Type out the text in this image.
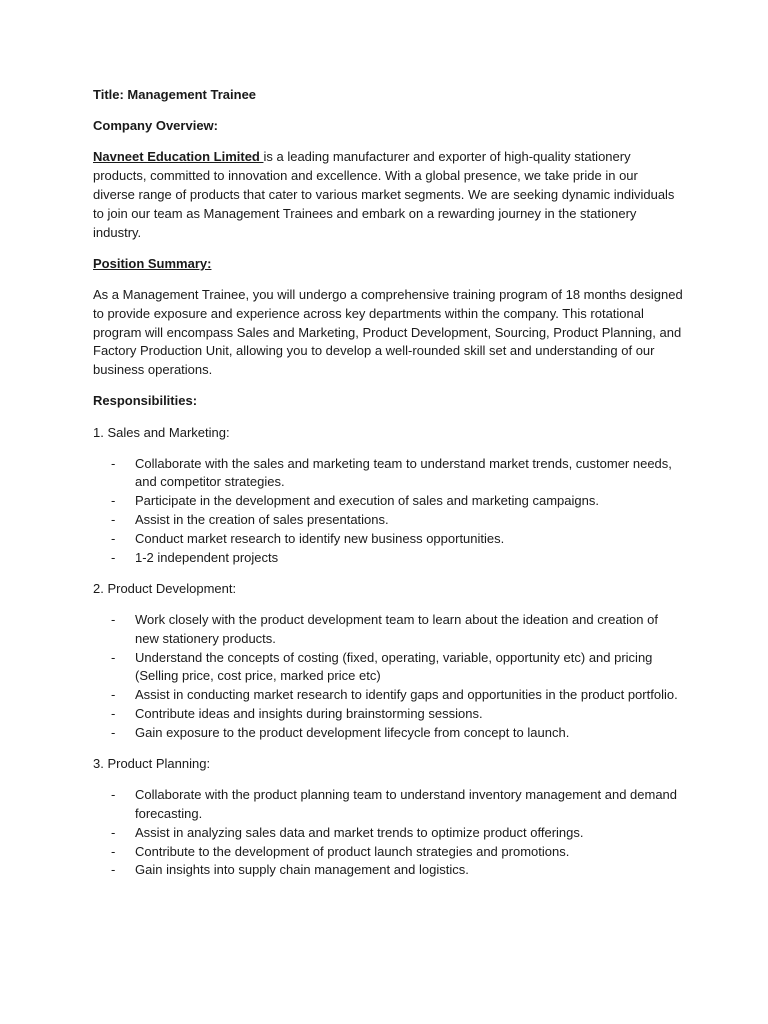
Title: Management Trainee

Company Overview:

Navneet Education Limited is a leading manufacturer and exporter of high-quality stationery products, committed to innovation and excellence. With a global presence, we take pride in our diverse range of products that cater to various market segments. We are seeking dynamic individuals to join our team as Management Trainees and embark on a rewarding journey in the stationery industry.

Position Summary:

As a Management Trainee, you will undergo a comprehensive training program of 18 months designed to provide exposure and experience across key departments within the company. This rotational program will encompass Sales and Marketing, Product Development, Sourcing, Product Planning, and Factory Production Unit, allowing you to develop a well-rounded skill set and understanding of our business operations.

Responsibilities:

1. Sales and Marketing:

- Collaborate with the sales and marketing team to understand market trends, customer needs, and competitor strategies.
- Participate in the development and execution of sales and marketing campaigns.
- Assist in the creation of sales presentations.
- Conduct market research to identify new business opportunities.
- 1-2 independent projects

2. Product Development:

- Work closely with the product development team to learn about the ideation and creation of new stationery products.
- Understand the concepts of costing (fixed, operating, variable, opportunity etc) and pricing (Selling price, cost price, marked price etc)
- Assist in conducting market research to identify gaps and opportunities in the product portfolio.
- Contribute ideas and insights during brainstorming sessions.
- Gain exposure to the product development lifecycle from concept to launch.

3. Product Planning:

- Collaborate with the product planning team to understand inventory management and demand forecasting.
- Assist in analyzing sales data and market trends to optimize product offerings.
- Contribute to the development of product launch strategies and promotions.
- Gain insights into supply chain management and logistics.
